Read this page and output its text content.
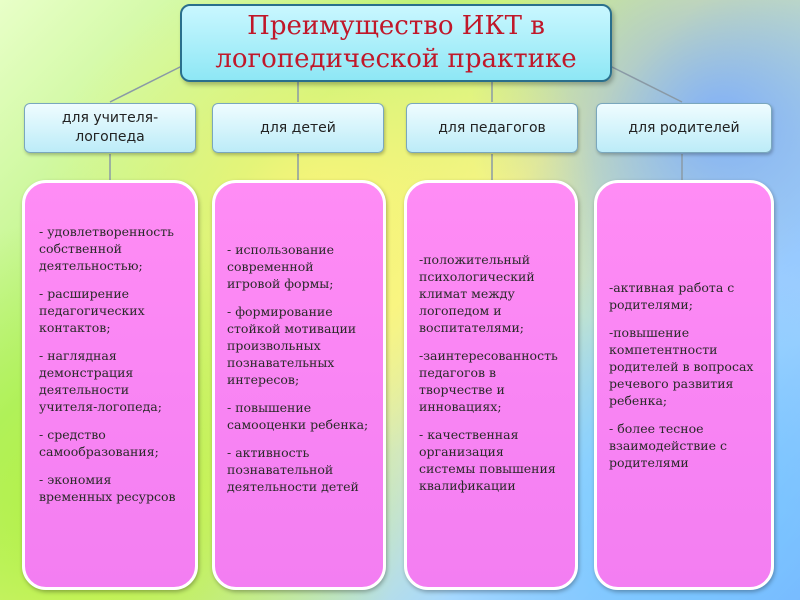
Преимущество ИКТ в
логопедической практике
для учителя-
логопеда
для детей	для педагогов	для родителей
- удовлетворенность
собственной
деятельностью;
- расширение
педагогических
контактов;
- наглядная
демонстрация
деятельности
учителя-логопеда;
- средство
самообразования;
- экономия
временных ресурсов
- использование
современной
игровой формы;
- формирование
стойкой мотивации
произвольных
познавательных
интересов;
- повышение
самооценки ребенка;
- активность
познавательной
деятельности детей
-положительный
психологический
климат между
логопедом и
воспитателями;
-заинтересованность
педагогов в
творчестве и
инновациях;
- качественная
организация
системы повышения
квалификации
-активная работа с
родителями;
-повышение
компетентности
родителей в вопросах
речевого развития
ребенка;
- более тесное
взаимодействие с
родителями
